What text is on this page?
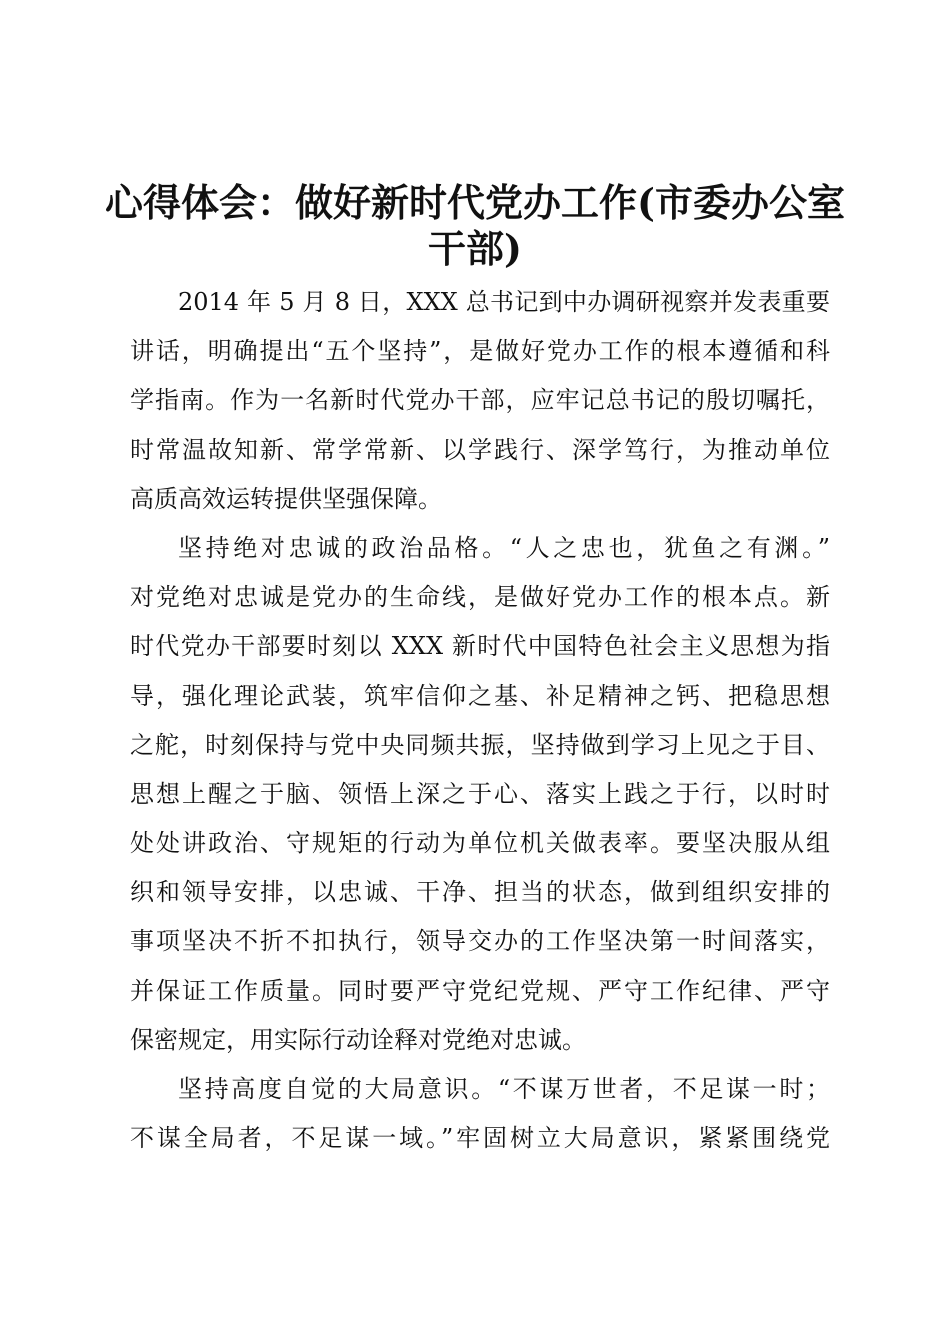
心得体会：做好新时代党办工作(市委办公室
干部)
2014 年 5 月 8 日，XXX 总书记到中办调研视察并发表重要
讲话，明确提出“五个坚持”，是做好党办工作的根本遵循和科
学指南。作为一名新时代党办干部，应牢记总书记的殷切嘱托，
时常温故知新、常学常新、以学践行、深学笃行，为推动单位
高质高效运转提供坚强保障。
坚持绝对忠诚的政治品格。“人之忠也，犹鱼之有渊。”
对党绝对忠诚是党办的生命线，是做好党办工作的根本点。新
时代党办干部要时刻以 XXX 新时代中国特色社会主义思想为指
导，强化理论武装，筑牢信仰之基、补足精神之钙、把稳思想
之舵，时刻保持与党中央同频共振，坚持做到学习上见之于目、
思想上醒之于脑、领悟上深之于心、落实上践之于行，以时时
处处讲政治、守规矩的行动为单位机关做表率。要坚决服从组
织和领导安排，以忠诚、干净、担当的状态，做到组织安排的
事项坚决不折不扣执行，领导交办的工作坚决第一时间落实，
并保证工作质量。同时要严守党纪党规、严守工作纪律、严守
保密规定，用实际行动诠释对党绝对忠诚。
坚持高度自觉的大局意识。“不谋万世者，不足谋一时；
不谋全局者，不足谋一域。”牢固树立大局意识，紧紧围绕党
